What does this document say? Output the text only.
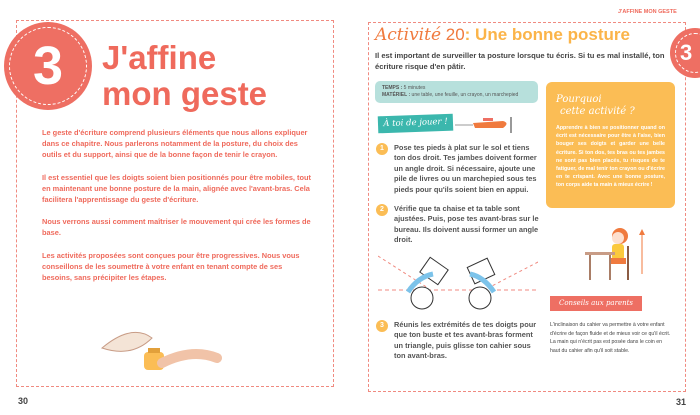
3	J'affine
mon geste

Le geste d'écriture comprend plusieurs éléments que nous allons expliquer dans ce chapitre. Nous parlerons notamment de la posture, du choix des outils et du support, ainsi que de la bonne façon de tenir le crayon.

Il est essentiel que les doigts soient bien positionnés pour être mobiles, tout en maintenant une bonne posture de la main, alignée avec l'avant-bras. Cela facilitera l'apprentissage du geste d'écriture.

Nous verrons aussi comment maîtriser le mouvement qui crée les formes de base.

Les activités proposées sont conçues pour être progressives. Nous vous conseillons de les soumettre à votre enfant en tenant compte de ses besoins, sans précipiter les étapes.

30
J'AFFINE MON GESTE
3
Activité 20: Une bonne posture
Il est important de surveiller ta posture lorsque tu écris. Si tu es mal installé, ton écriture risque d'en pâtir.
TEMPS : 5 minutes
MATÉRIEL : une table, une feuille, un crayon, un marchepied
À toi de jouer !
1	Pose tes pieds à plat sur le sol et tiens ton dos droit. Tes jambes doivent former un angle droit. Si nécessaire, ajoute une pile de livres ou un marchepied sous tes pieds pour qu'ils soient bien en appui.
2	Vérifie que ta chaise et ta table sont ajustées. Puis, pose tes avant-bras sur le bureau. Ils doivent aussi former un angle droit.
3	Réunis les extrémités de tes doigts pour que ton buste et tes avant-bras forment un triangle, puis glisse ton cahier sous ton avant-bras.
Pourquoi
cette activité ?
Apprendre à bien se positionner quand on écrit est nécessaire pour être à l'aise, bien bouger ses doigts et garder une belle écriture. Si ton dos, tes bras ou tes jambes ne sont pas bien placés, tu risques de te fatiguer, de mal tenir ton crayon ou d'écrire en te crispant. Avec une bonne posture, ton corps aide ta main à mieux écrire !
Conseils aux parents
L'inclinaison du cahier va permettre à votre enfant d'écrire de façon fluide et de mieux voir ce qu'il écrit. La main qui n'écrit pas est posée dans le coin en haut du cahier afin qu'il soit stable.
31
